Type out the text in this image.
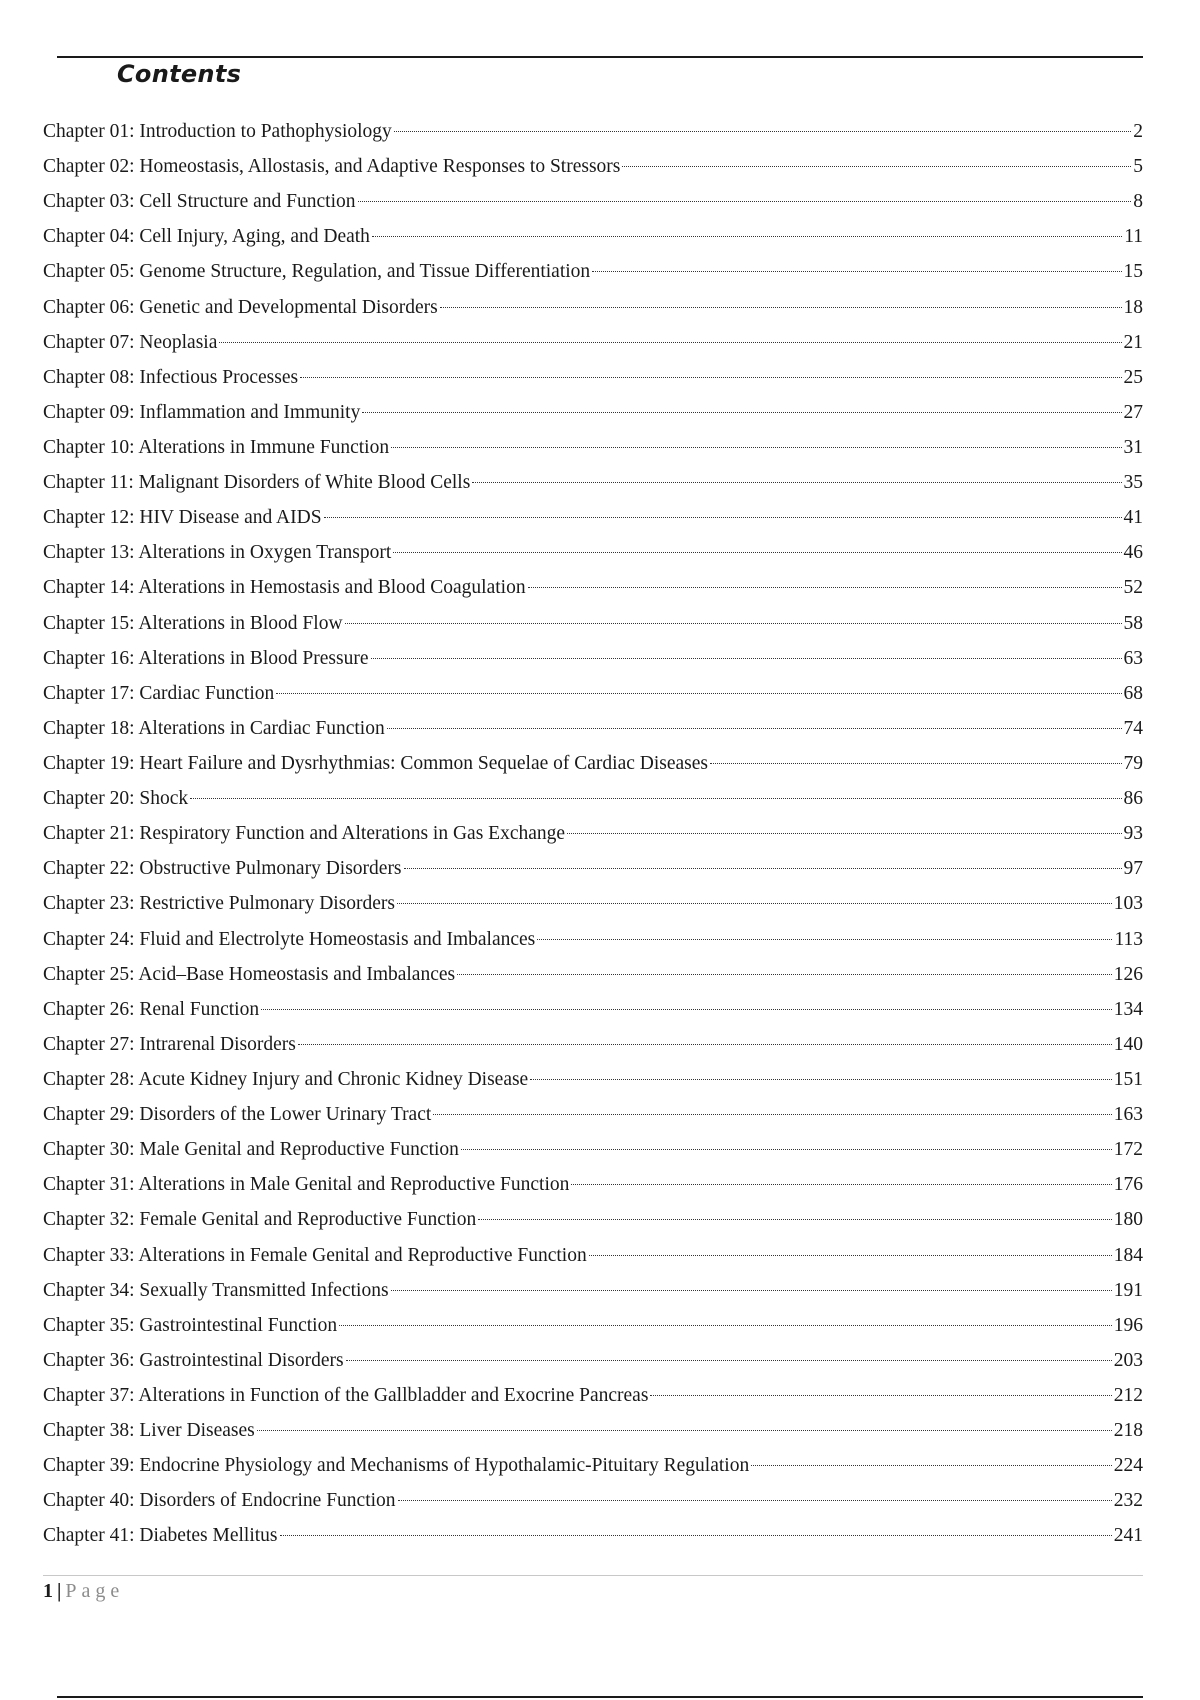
Contents
Chapter 01: Introduction to Pathophysiology	2
Chapter 02: Homeostasis, Allostasis, and Adaptive Responses to Stressors	5
Chapter 03: Cell Structure and Function	8
Chapter 04: Cell Injury, Aging, and Death	11
Chapter 05: Genome Structure, Regulation, and Tissue Differentiation	15
Chapter 06: Genetic and Developmental Disorders	18
Chapter 07: Neoplasia	21
Chapter 08: Infectious Processes	25
Chapter 09: Inflammation and Immunity	27
Chapter 10: Alterations in Immune Function	31
Chapter 11: Malignant Disorders of White Blood Cells	35
Chapter 12: HIV Disease and AIDS	41
Chapter 13: Alterations in Oxygen Transport	46
Chapter 14: Alterations in Hemostasis and Blood Coagulation	52
Chapter 15: Alterations in Blood Flow	58
Chapter 16: Alterations in Blood Pressure	63
Chapter 17: Cardiac Function	68
Chapter 18: Alterations in Cardiac Function	74
Chapter 19: Heart Failure and Dysrhythmias: Common Sequelae of Cardiac Diseases	79
Chapter 20: Shock	86
Chapter 21: Respiratory Function and Alterations in Gas Exchange	93
Chapter 22: Obstructive Pulmonary Disorders	97
Chapter 23: Restrictive Pulmonary Disorders	103
Chapter 24: Fluid and Electrolyte Homeostasis and Imbalances	113
Chapter 25: Acid–Base Homeostasis and Imbalances	126
Chapter 26: Renal Function	134
Chapter 27: Intrarenal Disorders	140
Chapter 28: Acute Kidney Injury and Chronic Kidney Disease	151
Chapter 29: Disorders of the Lower Urinary Tract	163
Chapter 30: Male Genital and Reproductive Function	172
Chapter 31: Alterations in Male Genital and Reproductive Function	176
Chapter 32: Female Genital and Reproductive Function	180
Chapter 33: Alterations in Female Genital and Reproductive Function	184
Chapter 34: Sexually Transmitted Infections	191
Chapter 35: Gastrointestinal Function	196
Chapter 36: Gastrointestinal Disorders	203
Chapter 37: Alterations in Function of the Gallbladder and Exocrine Pancreas	212
Chapter 38: Liver Diseases	218
Chapter 39: Endocrine Physiology and Mechanisms of Hypothalamic-Pituitary Regulation	224
Chapter 40: Disorders of Endocrine Function	232
Chapter 41: Diabetes Mellitus	241
1 | Page
